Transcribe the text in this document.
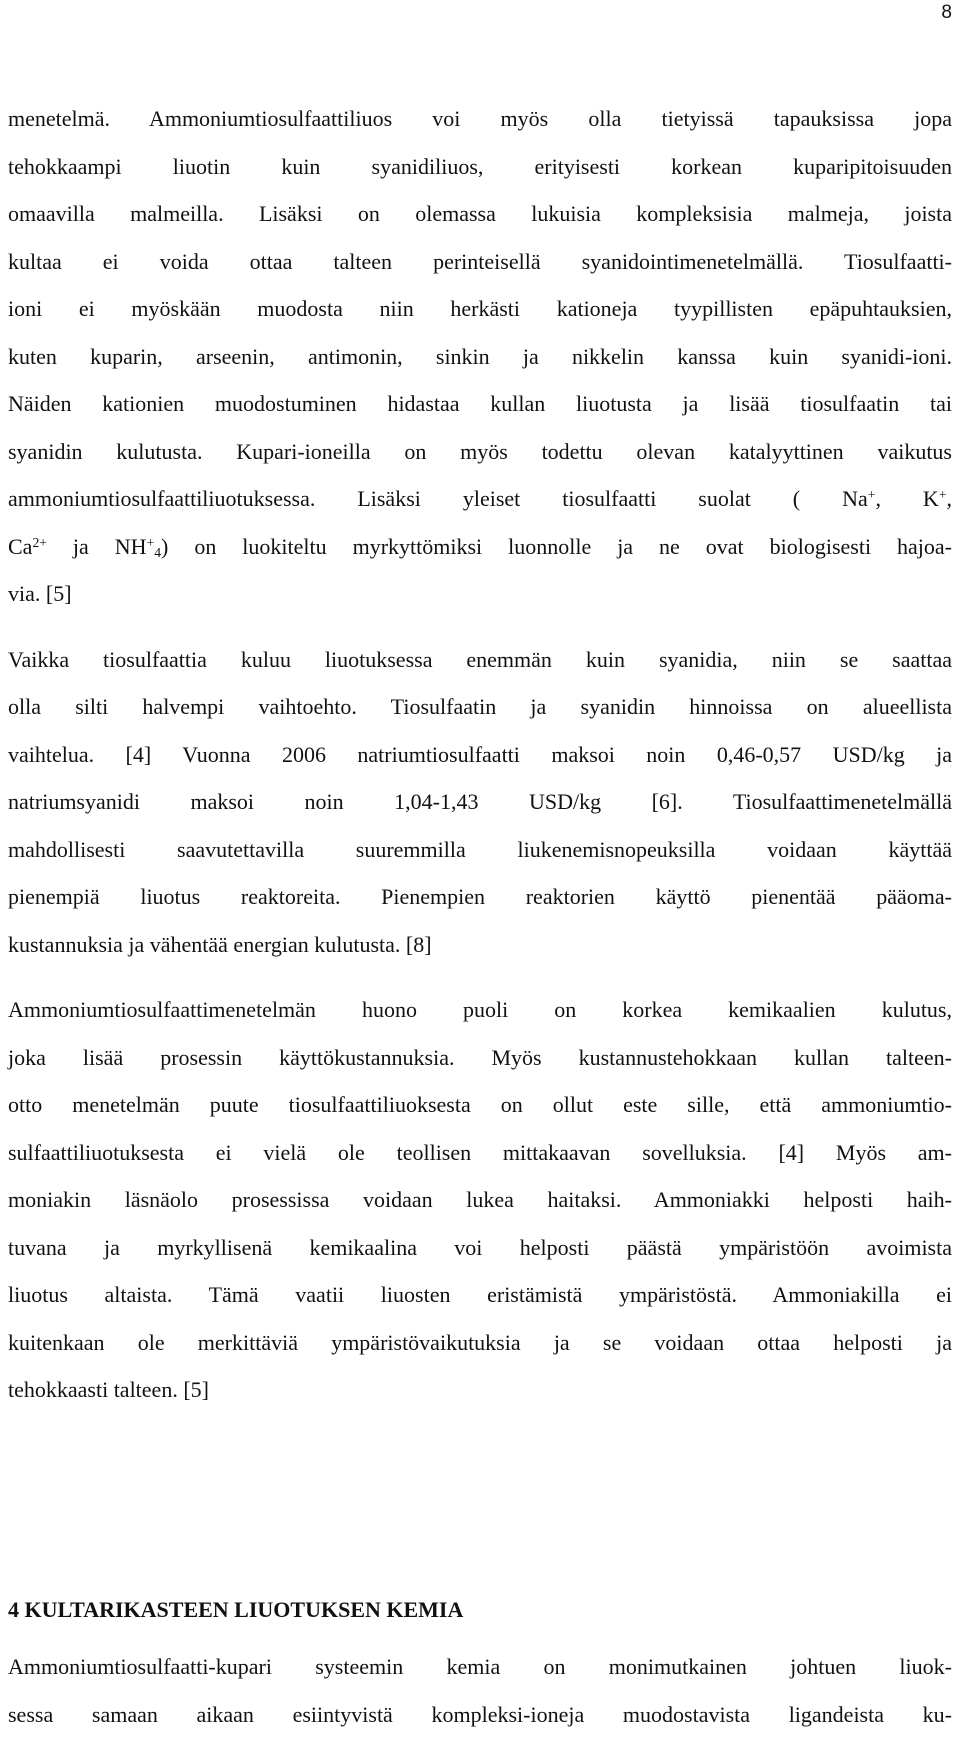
8
menetelmä. Ammoniumtiosulfaattiliuos voi myös olla tietyissä tapauksissa jopa
tehokkaampi liuotin kuin syanidiliuos, erityisesti korkean kuparipitoisuuden
omaavilla malmeilla. Lisäksi on olemassa lukuisia kompleksisia malmeja, joista
kultaa ei voida ottaa talteen perinteisellä syanidointimenetelmällä. Tiosulfaatti-
ioni ei myöskään muodosta niin herkästi kationeja tyypillisten epäpuhtauksien,
kuten kuparin, arseenin, antimonin, sinkin ja nikkelin kanssa kuin syanidi-ioni.
Näiden kationien muodostuminen hidastaa kullan liuotusta ja lisää tiosulfaatin tai
syanidin kulutusta. Kupari-ioneilla on myös todettu olevan katalyyttinen vaikutus
ammoniumtiosulfaattiliuotuksessa. Lisäksi yleiset tiosulfaatti suolat ( Na+, K+,
$Ca^{2+}$ ja $NH^+_4$) on luokiteltu myrkyttömiksi luonnolle ja ne ovat biologisesti hajoa-
via. [5]
Vaikka tiosulfaattia kuluu liuotuksessa enemmän kuin syanidia, niin se saattaa
olla silti halvempi vaihtoehto. Tiosulfaatin ja syanidin hinnoissa on alueellista
vaihtelua. [4] Vuonna 2006 natriumtiosulfaatti maksoi noin 0,46-0,57 USD/kg ja
natriumsyanidi maksoi noin 1,04-1,43 USD/kg [6]. Tiosulfaattimenetelmällä
mahdollisesti saavutettavilla suuremmilla liukenemisnopeuksilla voidaan käyttää
pienempiä liuotus reaktoreita. Pienempien reaktorien käyttö pienentää pääoma-
kustannuksia ja vähentää energian kulutusta. [8]
Ammoniumtiosulfaattimenetelmän huono puoli on korkea kemikaalien kulutus,
joka lisää prosessin käyttökustannuksia. Myös kustannustehokkaan kullan talteen-
otto menetelmän puute tiosulfaattiliuoksesta on ollut este sille, että ammoniumtio-
sulfaattiliuotuksesta ei vielä ole teollisen mittakaavan sovelluksia. [4] Myös am-
moniakin läsnäolo prosessissa voidaan lukea haitaksi. Ammoniakki helposti haih-
tuvana ja myrkyllisenä kemikaalina voi helposti päästä ympäristöön avoimista
liuotus altaista. Tämä vaatii liuosten eristämistä ympäristöstä. Ammoniakilla ei
kuitenkaan ole merkittäviä ympäristövaikutuksia ja se voidaan ottaa helposti ja
tehokkaasti talteen. [5]
4 KULTARIKASTEEN LIUOTUKSEN KEMIA
Ammoniumtiosulfaatti-kupari systeemin kemia on monimutkainen johtuen liuok-
sessa samaan aikaan esiintyvistä kompleksi-ioneja muodostavista ligandeista ku-
